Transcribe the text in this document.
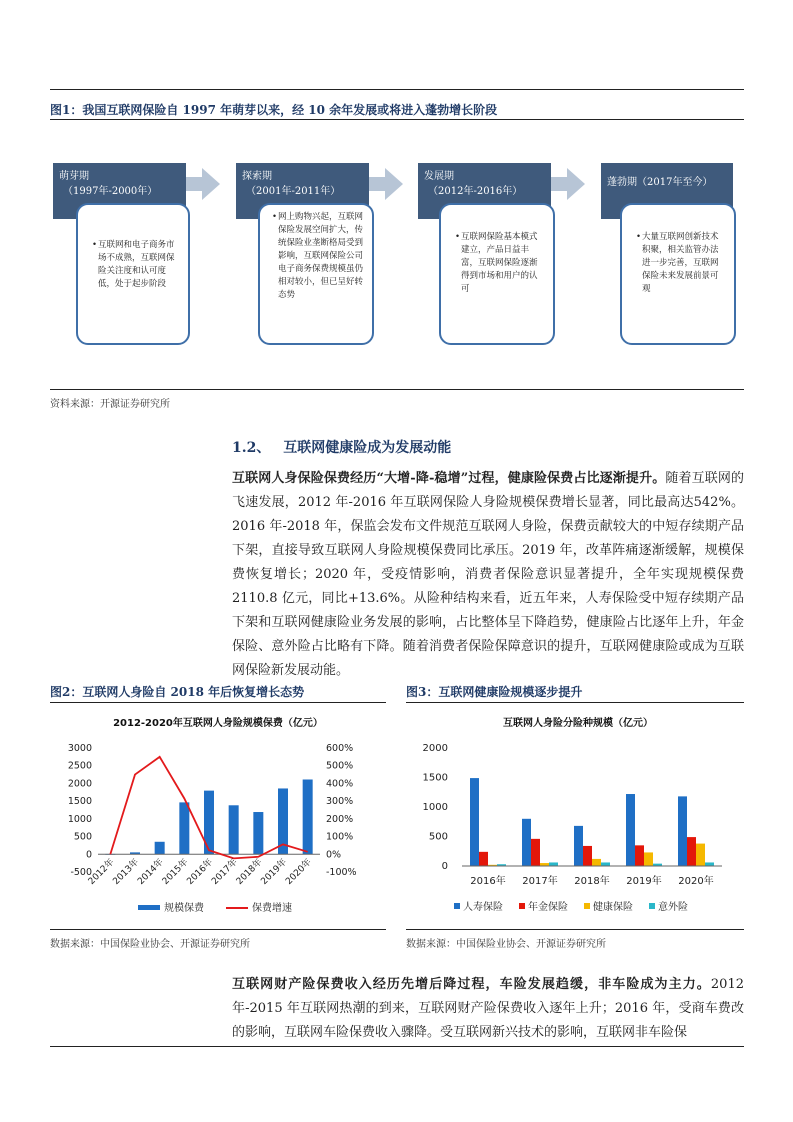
图1：我国互联网保险自 1997 年萌芽以来，经 10 余年发展或将进入蓬勃增长阶段
萌芽期
（1997年-2000年）
• 互联网和电子商务市场不成熟，互联网保险关注度和认可度低，处于起步阶段
探索期
（2001年-2011年）
• 网上购物兴起，互联网保险发展空间扩大，传统保险业垄断格局受到影响，互联网保险公司电子商务保费规模虽仍相对较小，但已呈好转态势
发展期
（2012年-2016年）
• 互联网保险基本模式建立，产品日益丰富，互联网保险逐渐得到市场和用户的认可
蓬勃期（2017年至今）
• 大量互联网创新技术积聚，相关监管办法进一步完善，互联网保险未来发展前景可观
资料来源：开源证券研究所
1.2、 互联网健康险成为发展动能
互联网人身保险保费经历“大增-降-稳增”过程，健康险保费占比逐渐提升。随着互联网的飞速发展，2012 年-2016 年互联网保险人身险规模保费增长显著，同比最高达542%。2016 年-2018 年，保监会发布文件规范互联网人身险，保费贡献较大的中短存续期产品下架，直接导致互联网人身险规模保费同比承压。2019 年，改革阵痛逐渐缓解，规模保费恢复增长；2020 年，受疫情影响，消费者保险意识显著提升，全年实现规模保费 2110.8 亿元，同比+13.6%。从险种结构来看，近五年来，人寿保险受中短存续期产品下架和互联网健康险业务发展的影响，占比整体呈下降趋势，健康险占比逐年上升，年金保险、意外险占比略有下降。随着消费者保险保障意识的提升，互联网健康险或成为互联网保险新发展动能。
图2：互联网人身险自 2018 年后恢复增长态势	图3：互联网健康险规模逐步提升
2012-2020年互联网人身险规模保费（亿元）
-500
0
500
1000
1500
2000
2500
3000
-100%
0%
100%
200%
300%
400%
500%
600%
2012年
2013年
2014年
2015年
2016年
2017年
2018年
2019年
2020年
规模保费	保费增速
互联网人身险分险种规模（亿元）
0
500
1000
1500
2000
2016年 2017年 2018年 2019年 2020年
人寿保险	年金保险	健康保险	意外险
数据来源：中国保险业协会、开源证券研究所	数据来源：中国保险业协会、开源证券研究所
互联网财产险保费收入经历先增后降过程，车险发展趋缓，非车险成为主力。2012 年-2015 年互联网热潮的到来，互联网财产险保费收入逐年上升；2016 年，受商车费改的影响，互联网车险保费收入骤降。受互联网新兴技术的影响，互联网非车险保
